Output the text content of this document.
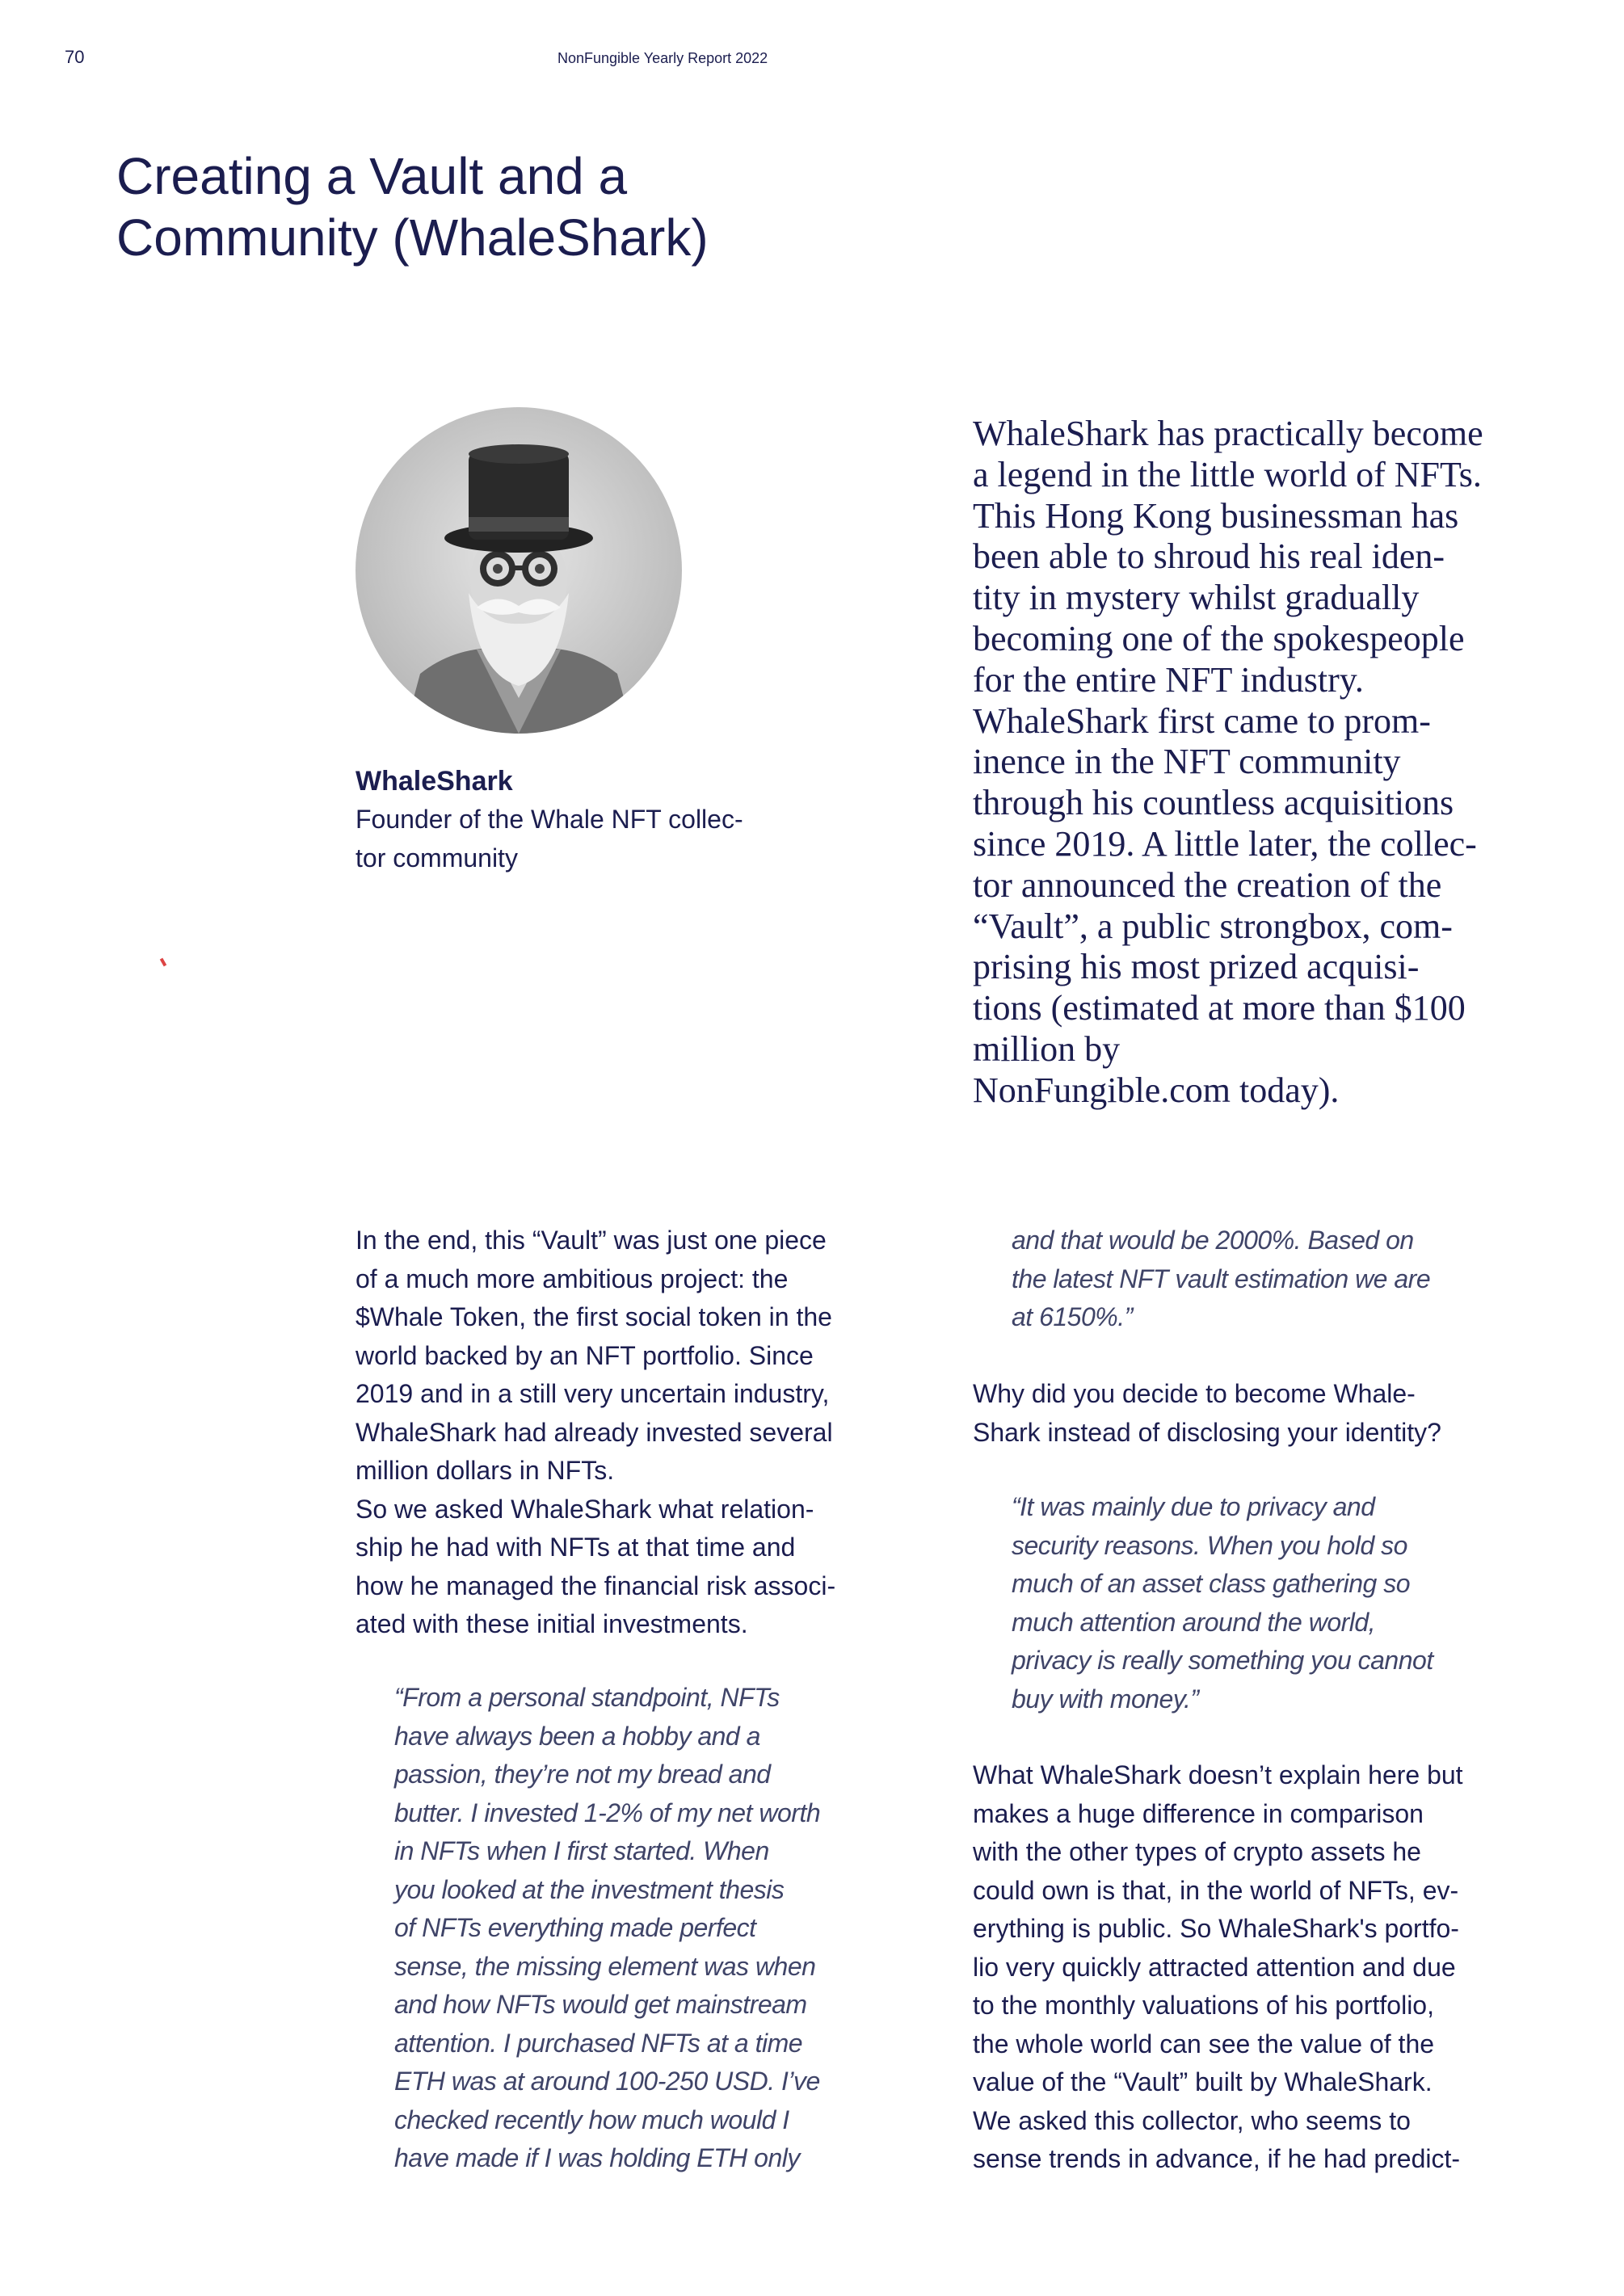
70	NonFungible Yearly Report 2022
Creating a Vault and a
Community (WhaleShark)
WhaleShark

Founder of the Whale NFT collec-

tor community

WhaleShark has practically become

a legend in the little world of NFTs.

This Hong Kong businessman has

been able to shroud his real iden-

tity in mystery whilst gradually

becoming one of the spokespeople

for the entire NFT industry.

WhaleShark first came to prom-

inence in the NFT community

through his countless acquisitions

since 2019. A little later, the collec-

tor announced the creation of the

“Vault”, a public strongbox, com-

prising his most prized acquisi-

tions (estimated at more than $100

million by

NonFungible.com today).

In the end, this “Vault” was just one piece

of a much more ambitious project: the

$Whale Token, the first social token in the

world backed by an NFT portfolio. Since

2019 and in a still very uncertain industry,

WhaleShark had already invested several

million dollars in NFTs.

So we asked WhaleShark what relation-

ship he had with NFTs at that time and

how he managed the financial risk associ-

ated with these initial investments.

“From a personal standpoint, NFTs

have always been a hobby and a

passion, they’re not my bread and

butter. I invested 1-2% of my net worth

in NFTs when I first started. When

you looked at the investment thesis

of NFTs everything made perfect

sense, the missing element was when

and how NFTs would get mainstream

attention. I purchased NFTs at a time

ETH was at around 100-250 USD. I’ve

checked recently how much would I

have made if I was holding ETH only

and that would be 2000%. Based on

the latest NFT vault estimation we are

at 6150%.”

Why did you decide to become Whale-

Shark instead of disclosing your identity?

“It was mainly due to privacy and

security reasons. When you hold so

much of an asset class gathering so

much attention around the world,

privacy is really something you cannot

buy with money.”

What WhaleShark doesn’t explain here but

makes a huge difference in comparison

with the other types of crypto assets he

could own is that, in the world of NFTs, ev-

erything is public. So WhaleShark's portfo-

lio very quickly attracted attention and due

to the monthly valuations of his portfolio,

the whole world can see the value of the

value of the “Vault” built by WhaleShark.

We asked this collector, who seems to

sense trends in advance, if he had predict-
